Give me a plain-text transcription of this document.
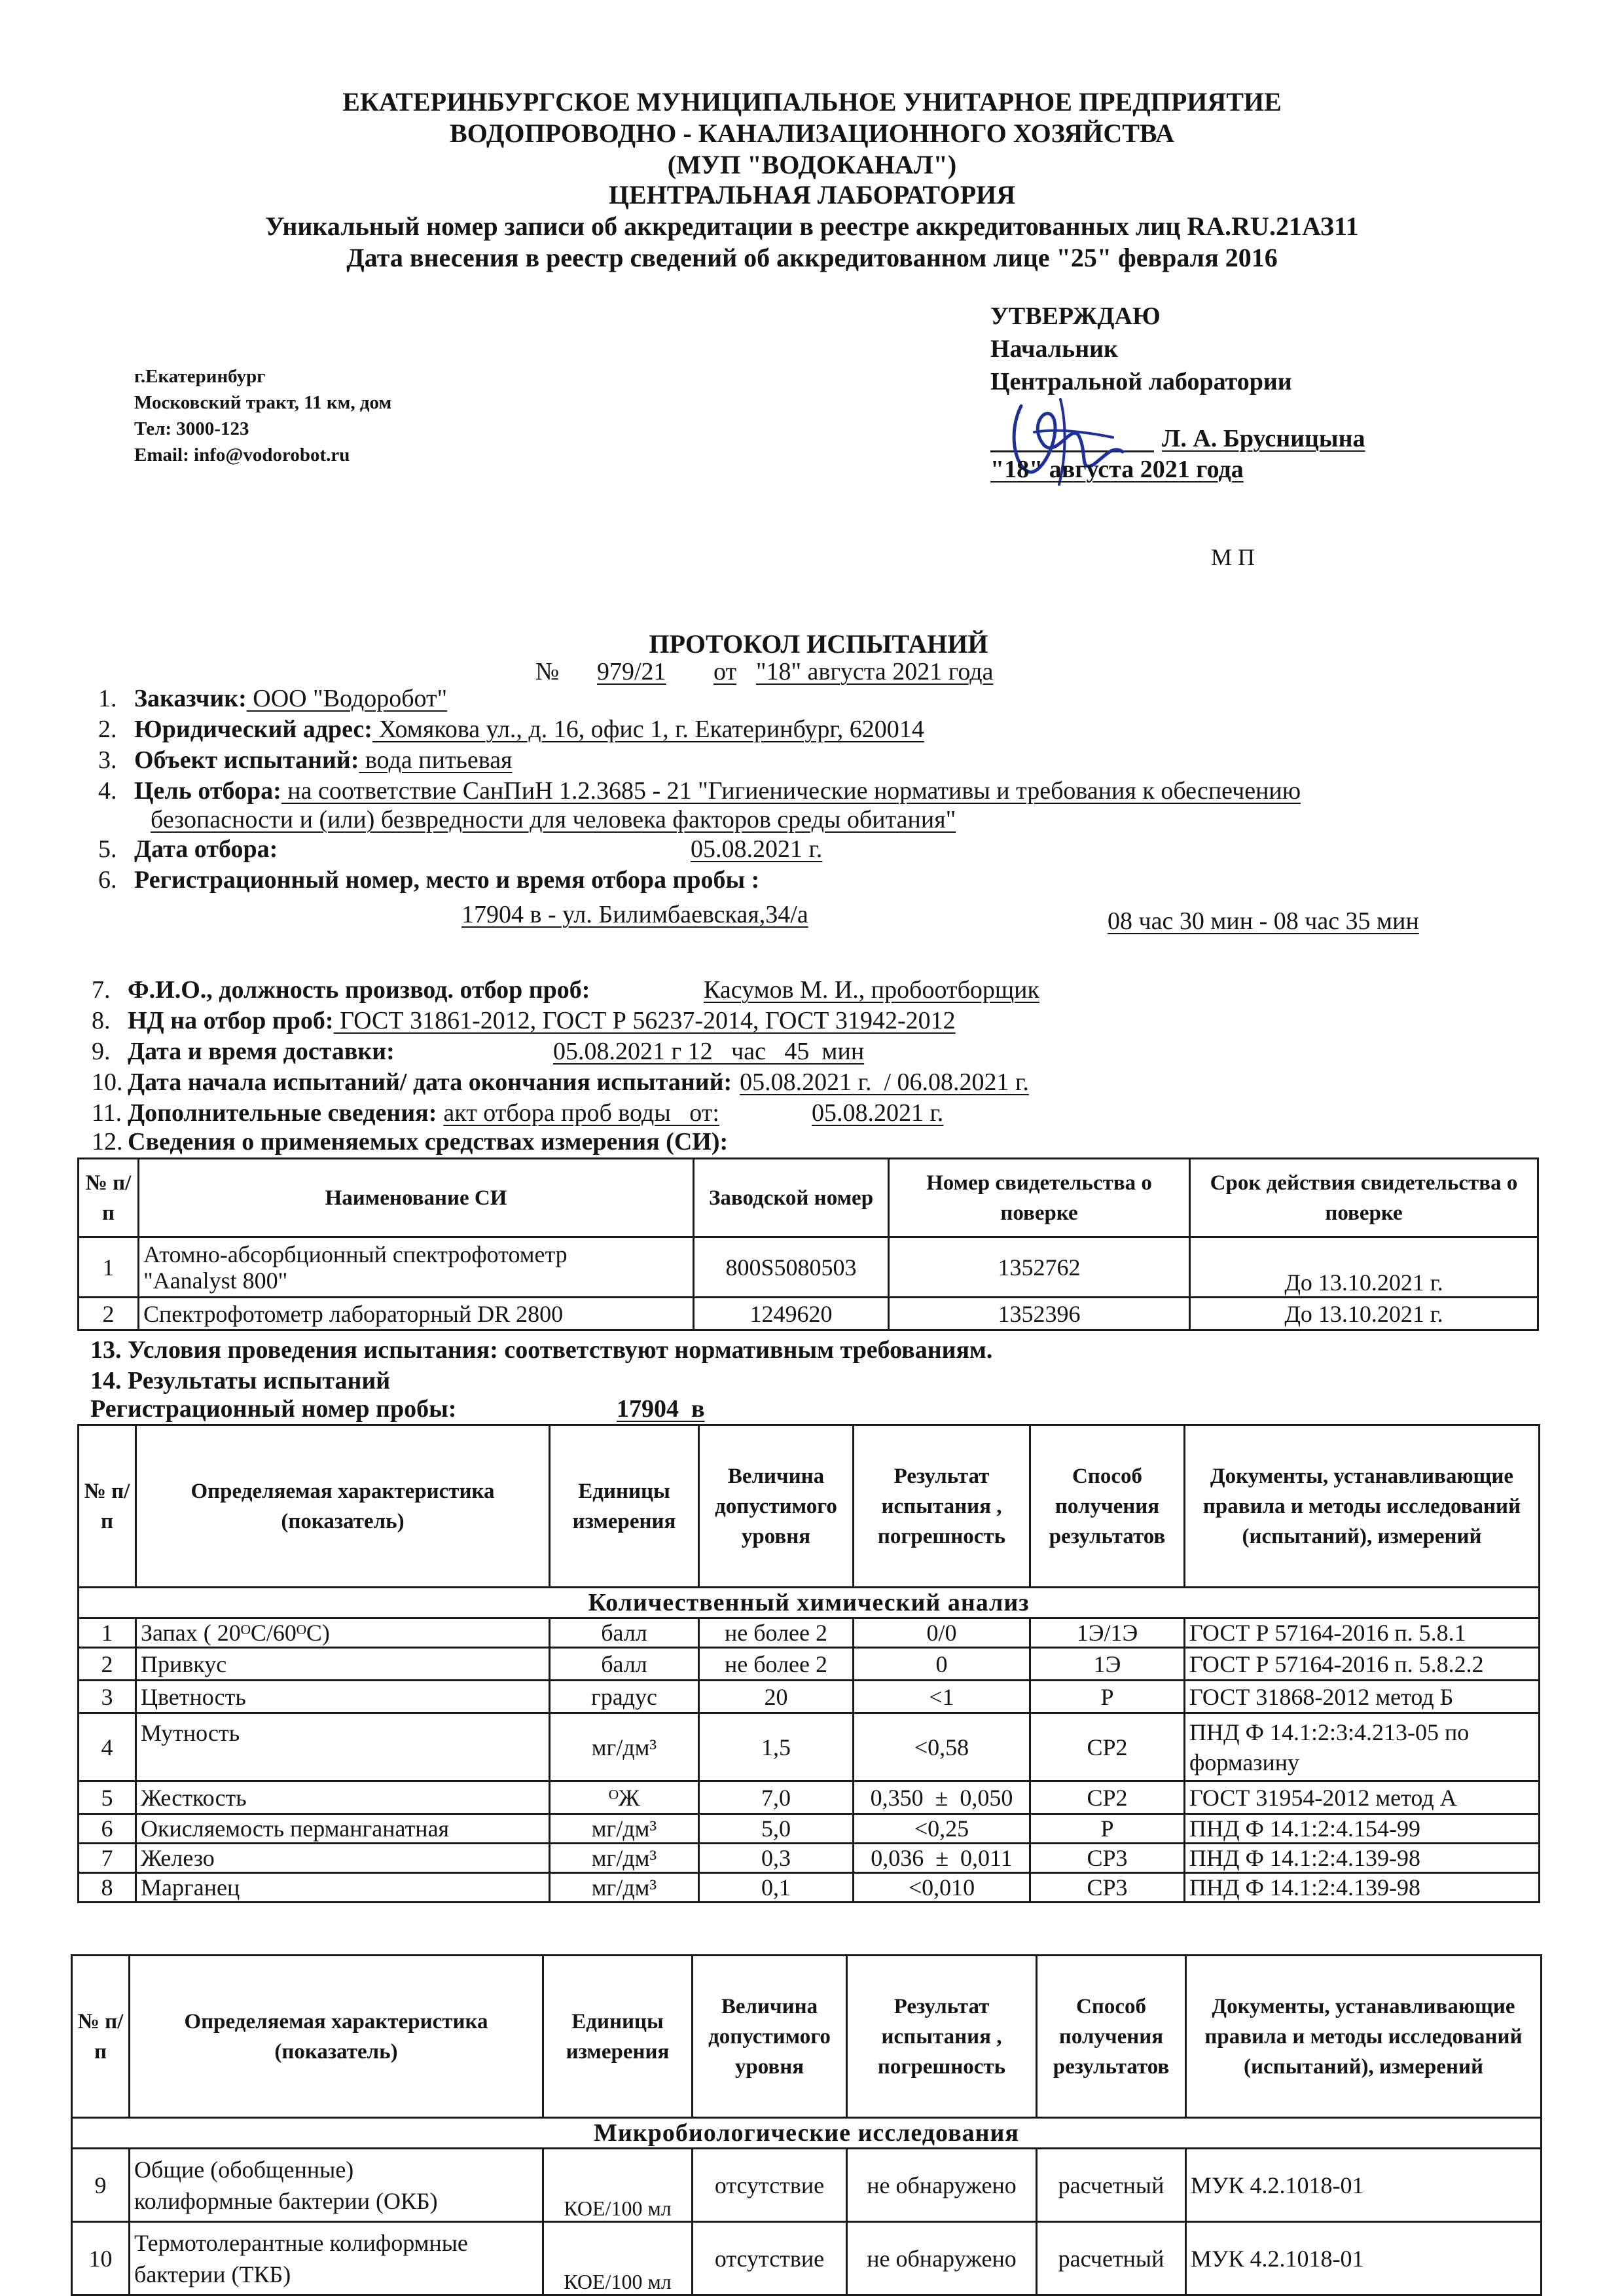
ЕКАТЕРИНБУРГСКОЕ МУНИЦИПАЛЬНОЕ УНИТАРНОЕ ПРЕДПРИЯТИЕ
ВОДОПРОВОДНО - КАНАЛИЗАЦИОННОГО ХОЗЯЙСТВА
(МУП "ВОДОКАНАЛ")
ЦЕНТРАЛЬНАЯ ЛАБОРАТОРИЯ
Уникальный номер записи об аккредитации в реестре аккредитованных лиц RA.RU.21АЗ11
Дата внесения в реестр сведений об аккредитованном лице "25" февраля 2016
г.Екатеринбург
Московский тракт, 11 км, дом
Тел: 3000-123
Email: info@vodorobot.ru
УТВЕРЖДАЮ
Начальник
Центральной лаборатории
Л. А. Брусницына
"18" августа 2021 года
М П
ПРОТОКОЛ ИСПЫТАНИЙ
№ 979/21 от "18" августа 2021 года
1. Заказчик: ООО "Водоробот"
2. Юридический адрес: Хомякова ул., д. 16, офис 1, г. Екатеринбург, 620014
3. Объект испытаний: вода питьевая
4. Цель отбора: на соответствие СанПиН 1.2.3685 - 21 "Гигиенические нормативы и требования к обеспечению
безопасности и (или) безвредности для человека факторов среды обитания"
5. Дата отбора:	05.08.2021 г.
6. Регистрационный номер, место и время отбора пробы :
17904 в - ул. Билимбаевская,34/а	08 час 30 мин - 08 час 35 мин
7. Ф.И.О., должность производ. отбор проб:	Касумов М. И., пробоотборщик
8. НД на отбор проб: ГОСТ 31861-2012, ГОСТ Р 56237-2014, ГОСТ 31942-2012
9. Дата и время доставки:	05.08.2021 г 12   час   45  мин
10. Дата начала испытаний/ дата окончания испытаний: 05.08.2021 г.  / 06.08.2021 г.
11. Дополнительные сведения: акт отбора проб воды   от:	05.08.2021 г.
12. Сведения о применяемых средствах измерения (СИ):
№ п/п	Наименование СИ	Заводской номер	Номер свидетельства о поверке	Срок действия свидетельства о поверке
1	Атомно-абсорбционный спектрофотометр
"Aanalyst 800"	800S5080503	1352762	До 13.10.2021 г.
2	Спектрофотометр лабораторный DR 2800	1249620	1352396	До 13.10.2021 г.
13. Условия проведения испытания: соответствуют нормативным требованиям.
14. Результаты испытаний
Регистрационный номер пробы:	17904  в
№ п/п	Определяемая характеристика (показатель)	Единицы измерения	Величина допустимого уровня	Результат испытания , погрешность	Способ получения результатов	Документы, устанавливающие правила и методы исследований (испытаний), измерений
Количественный химический анализ						
1	Запах ( 20ᴼС/60ᴼС)	балл	не более 2	0/0	1Э/1Э	ГОСТ Р 57164-2016 п. 5.8.1
2	Привкус	балл	не более 2	0	1Э	ГОСТ Р 57164-2016 п. 5.8.2.2
3	Цветность	градус	20	<1	Р	ГОСТ 31868-2012 метод Б
4	Мутность	мг/дм³	1,5	<0,58	СР2	ПНД Ф 14.1:2:3:4.213-05 по формазину
5	Жесткость	ᴼЖ	7,0	0,350  ±  0,050	СР2	ГОСТ 31954-2012 метод А
6	Окисляемость перманганатная	мг/дм³	5,0	<0,25	Р	ПНД Ф 14.1:2:4.154-99
7	Железо	мг/дм³	0,3	0,036  ±  0,011	СР3	ПНД Ф 14.1:2:4.139-98
8	Марганец	мг/дм³	0,1	<0,010	СР3	ПНД Ф 14.1:2:4.139-98
№ п/п	Определяемая характеристика (показатель)	Единицы измерения	Величина допустимого уровня	Результат испытания , погрешность	Способ получения результатов	Документы, устанавливающие правила и методы исследований (испытаний), измерений
Микробиологические исследования						
9	Общие (обобщенные)
колиформные бактерии (ОКБ)	КОЕ/100 мл	отсутствие	не обнаружено	расчетный	МУК 4.2.1018-01
10	Термотолерантные колиформные
бактерии (ТКБ)	КОЕ/100 мл	отсутствие	не обнаружено	расчетный	МУК 4.2.1018-01
